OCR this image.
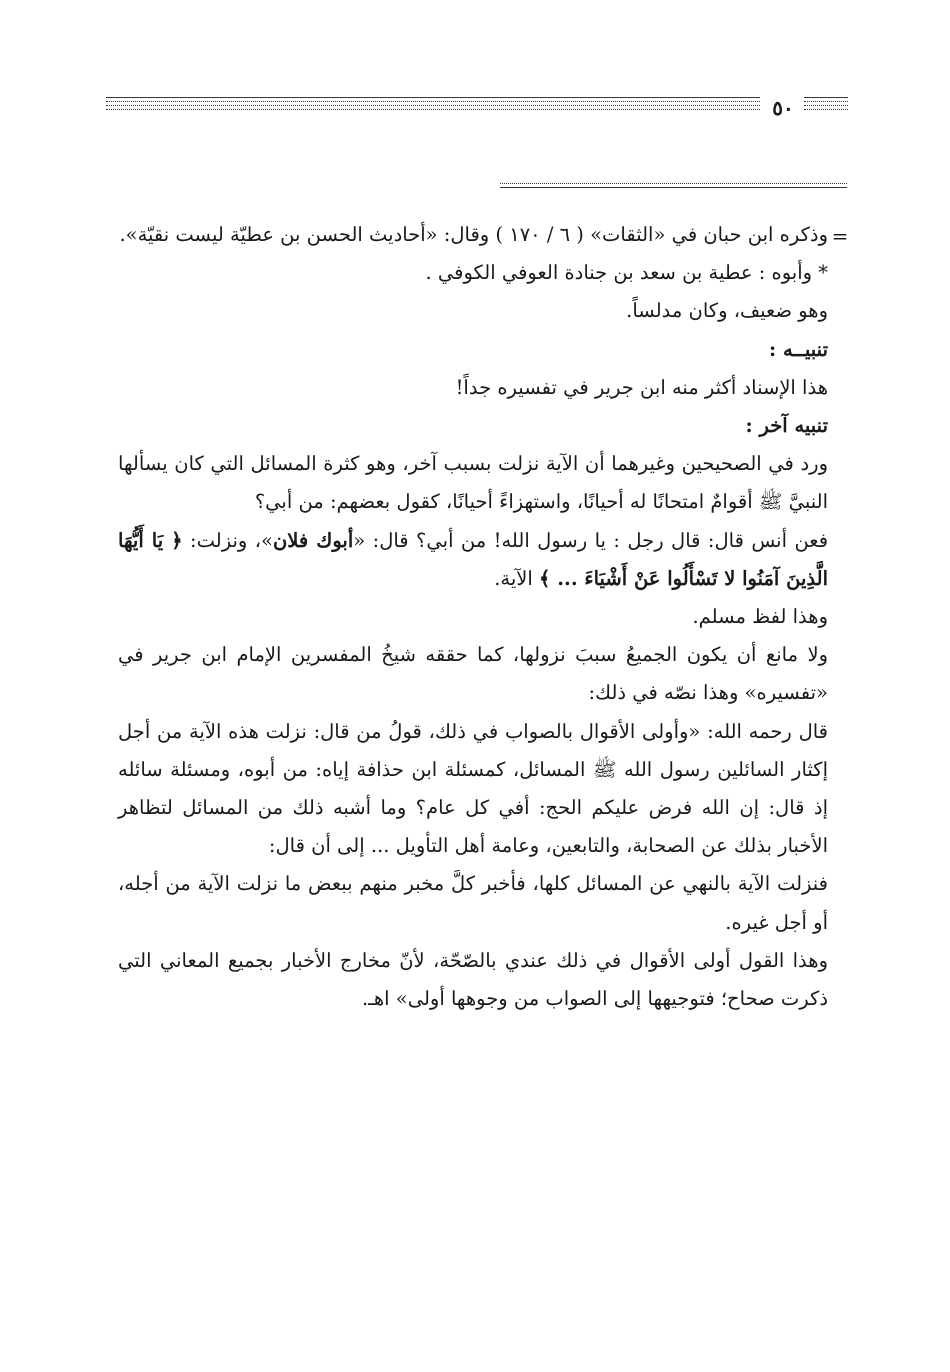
٥٠
=

وذكره ابن حبان في «الثقات» ( ٦ / ١٧٠ ) وقال: «أحاديث الحسن بن عطيّة ليست نقيّة».

* وأبوه : عطية بن سعد بن جنادة العوفي الكوفي .

وهو ضعيف، وكان مدلساً.

تنبيــه :

هذا الإسناد أكثر منه ابن جرير في تفسيره جداً!

تنبيه آخر :

ورد في الصحيحين وغيرهما أن الآية نزلت بسبب آخر، وهو كثرة المسائل التي كان يسألها النبيَّ ﷺ أقوامٌ امتحانًا له أحيانًا، واستهزاءً أحيانًا، كقول بعضهم: من أبي؟

فعن أنس قال: قال رجل : يا رسول الله! من أبي؟ قال: «أبوك فلان»، ونزلت: ﴿ يَا أَيُّهَا الَّذِينَ آمَنُوا لا تَسْأَلُوا عَنْ أَشْيَاءَ ... ﴾ الآية.

وهذا لفظ مسلم.

ولا مانع أن يكون الجميعُ سببَ نزولها، كما حققه شيخُ المفسرين الإمام ابن جرير في «تفسيره» وهذا نصّه في ذلك:

قال رحمه الله: «وأولى الأقوال بالصواب في ذلك، قولُ من قال: نزلت هذه الآية من أجل إكثار السائلين رسول الله ﷺ المسائل، كمسئلة ابن حذافة إياه: من أبوه، ومسئلة سائله إذ قال: إن الله فرض عليكم الحج: أفي كل عام؟ وما أشبه ذلك من المسائل لتظاهر الأخبار بذلك عن الصحابة، والتابعين، وعامة أهل التأويل ... إلى أن قال:

فنزلت الآية بالنهي عن المسائل كلها، فأخبر كلَّ مخبر منهم ببعض ما نزلت الآية من أجله، أو أجل غيره.

وهذا القول أولى الأقوال في ذلك عندي بالصّحّة، لأنّ مخارج الأخبار بجميع المعاني التي ذكرت صحاح؛ فتوجيهها إلى الصواب من وجوهها أولى» اهـ.
